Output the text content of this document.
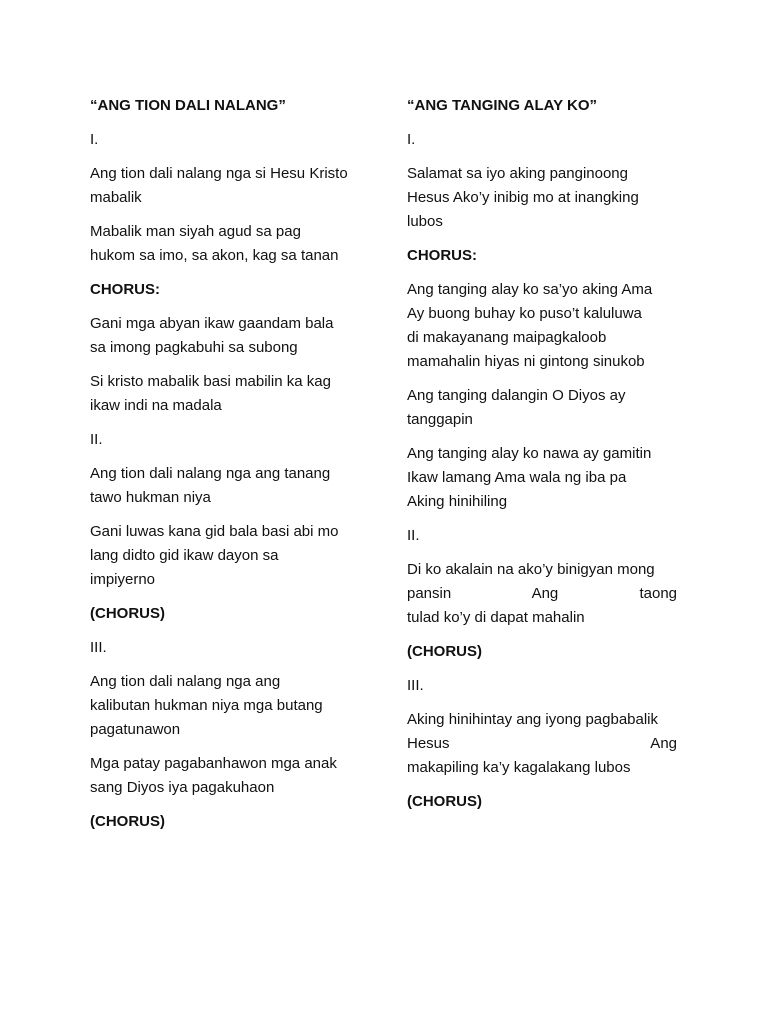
“ANG TION DALI NALANG”
I.
Ang tion dali nalang nga si Hesu Kristo
mabalik
Mabalik man siyah agud sa pag
hukom sa imo, sa akon, kag sa tanan
CHORUS:
Gani mga abyan ikaw gaandam bala
sa imong pagkabuhi sa subong
Si kristo mabalik basi mabilin ka kag
ikaw indi na madala
II.
Ang tion dali nalang nga ang tanang
tawo hukman niya
Gani luwas kana gid bala basi abi mo
lang didto gid ikaw dayon sa
impiyerno
(CHORUS)
III.
Ang tion dali nalang nga ang
kalibutan hukman niya mga butang
pagatunawon
Mga patay pagabanhawon mga anak
sang Diyos iya pagakuhaon
(CHORUS)
“ANG TANGING ALAY KO”
I.
Salamat sa iyo aking panginoong
Hesus Ako’y inibig mo at inangking
lubos
CHORUS:
Ang tanging alay ko sa’yo aking Ama
Ay buong buhay ko puso’t kaluluwa
di makayanang maipagkaloob
mamahalin hiyas ni gintong sinukob
Ang tanging dalangin O Diyos ay
tanggapin
Ang tanging alay ko nawa ay gamitin
Ikaw lamang Ama wala ng iba pa
Aking hinihiling
II.
Di ko akalain na ako’y binigyan mong
pansin Ang taong
tulad ko’y di dapat mahalin
(CHORUS)
III.
Aking hinihintay ang iyong pagbabalik
Hesus Ang
makapiling ka’y kagalakang lubos
(CHORUS)
